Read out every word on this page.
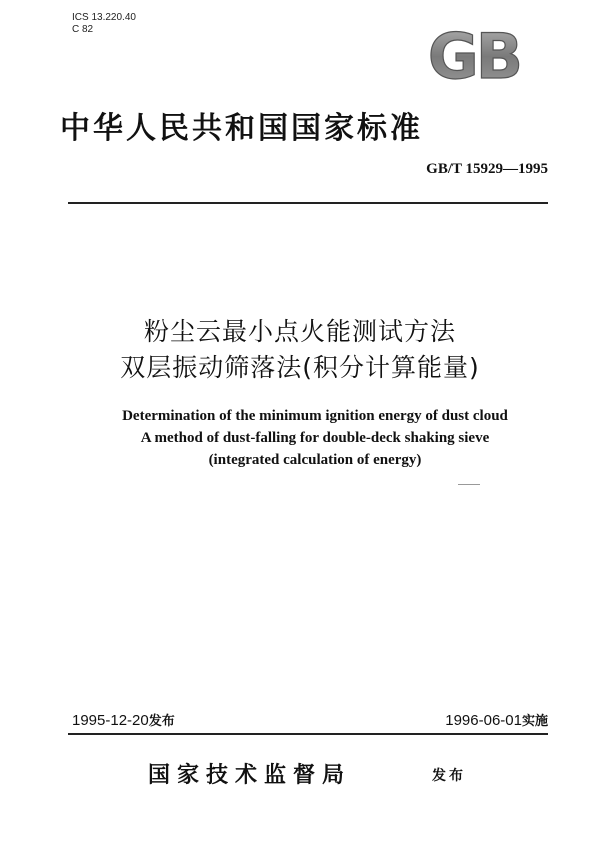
ICS 13.220.40
C 82	GB
中华人民共和国国家标准
GB/T 15929—1995
粉尘云最小点火能测试方法
双层振动筛落法(积分计算能量)
Determination of the minimum ignition energy of dust cloud
A method of dust-falling for double-deck shaking sieve
(integrated calculation of energy)
1995-12-20发布	1996-06-01实施
国家技术监督局	发布
